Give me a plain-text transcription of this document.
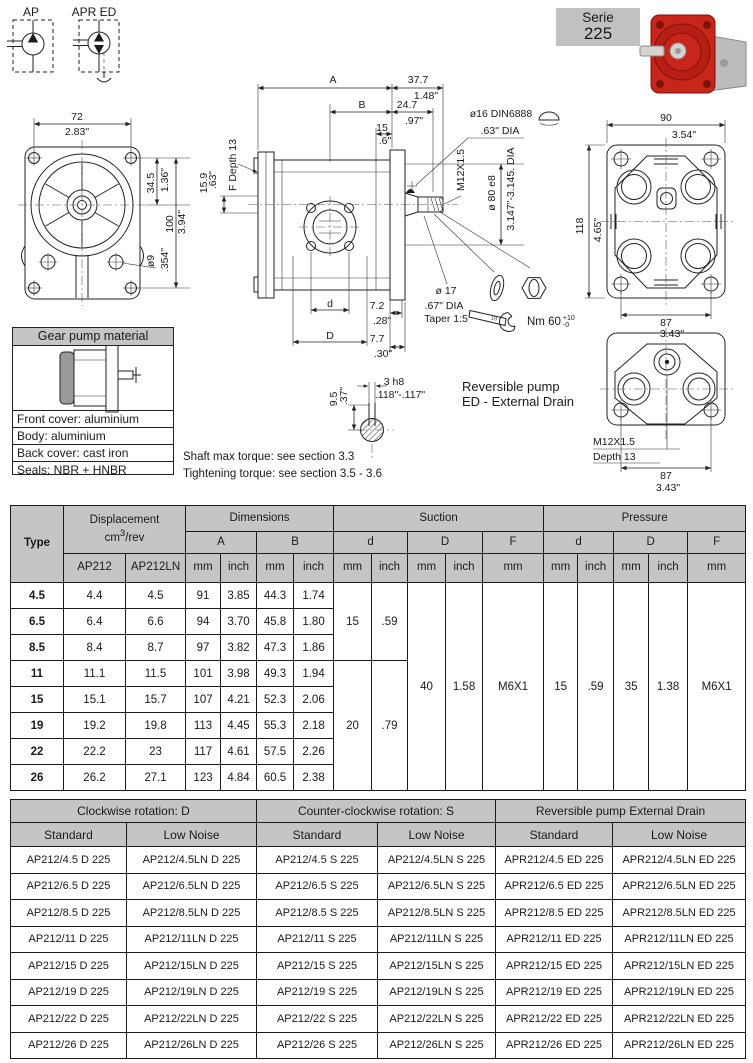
AP	APR ED
72
2.83"
34.5 1.36"
100 3.94"
ø9 .354"
15.9
.63" F Depth 13
A	37.7
1.48"
B	24.7
.97"
15
.6"
M12X1.5
ø16 DIN6888
.63" DIA
ø 80 e8 3.147"-3.145. DIA
d
D
7.2
.28"
7.7
.30"
ø 17
.67" DIA
Taper 1:5	19	Nm 60 +10
-0
3 h8
.118"-.117"
9.5
.37"
Reversible pump
ED - External Drain
90
3.54"
118 4.65"
87
3.43"
M12X1.5
Depth 13
87
3.43"
Shaft max torque: see section 3.3
Tightening torque: see section 3.5 - 3.6
Serie
225
Gear pump material
Front cover: aluminium
Body: aluminium
Back cover: cast iron
Seals: NBR + HNBR
Type	Displacement
$cm^3$/rev		Dimensions				Suction					Pressure				
			A		B		d		D		F	d		D		F
	AP212	AP212LN	mm	inch	mm	inch	mm	inch	mm	inch	mm	mm	inch	mm	inch	mm
4.5	4.4	4.5	91	3.85	44.3	1.74	15	.59	40	1.58	M6X1	15	.59	35	1.38	M6X1
6.5	6.4	6.6	94	3.70	45.8	1.80										
8.5	8.4	8.7	97	3.82	47.3	1.86										
11	11.1	11.5	101	3.98	49.3	1.94	20	.79								
15	15.1	15.7	107	4.21	52.3	2.06										
19	19.2	19.8	113	4.45	55.3	2.18										
22	22.2	23	117	4.61	57.5	2.26										
26	26.2	27.1	123	4.84	60.5	2.38										
Clockwise rotation: D		Counter-clockwise rotation: S		Reversible pump External Drain	
Standard	Low Noise	Standard	Low Noise	Standard	Low Noise
AP212/4.5 D 225	AP212/4.5LN D 225	AP212/4.5 S 225	AP212/4.5LN S 225	APR212/4.5 ED 225	APR212/4.5LN ED 225
AP212/6.5 D 225	AP212/6.5LN D 225	AP212/6.5 S 225	AP212/6.5LN S 225	APR212/6.5 ED 225	APR212/6.5LN ED 225
AP212/8.5 D 225	AP212/8.5LN D 225	AP212/8.5 S 225	AP212/8.5LN S 225	APR212/8.5 ED 225	APR212/8.5LN ED 225
AP212/11 D 225	AP212/11LN D 225	AP212/11 S 225	AP212/11LN S 225	APR212/11 ED 225	APR212/11LN ED 225
AP212/15 D 225	AP212/15LN D 225	AP212/15 S 225	AP212/15LN S 225	APR212/15 ED 225	APR212/15LN ED 225
AP212/19 D 225	AP212/19LN D 225	AP212/19 S 225	AP212/19LN S 225	APR212/19 ED 225	APR212/19LN ED 225
AP212/22 D 225	AP212/22LN D 225	AP212/22 S 225	AP212/22LN S 225	APR212/22 ED 225	APR212/22LN ED 225
AP212/26 D 225	AP212/26LN D 225	AP212/26 S 225	AP212/26LN S 225	APR212/26 ED 225	APR212/26LN ED 225
